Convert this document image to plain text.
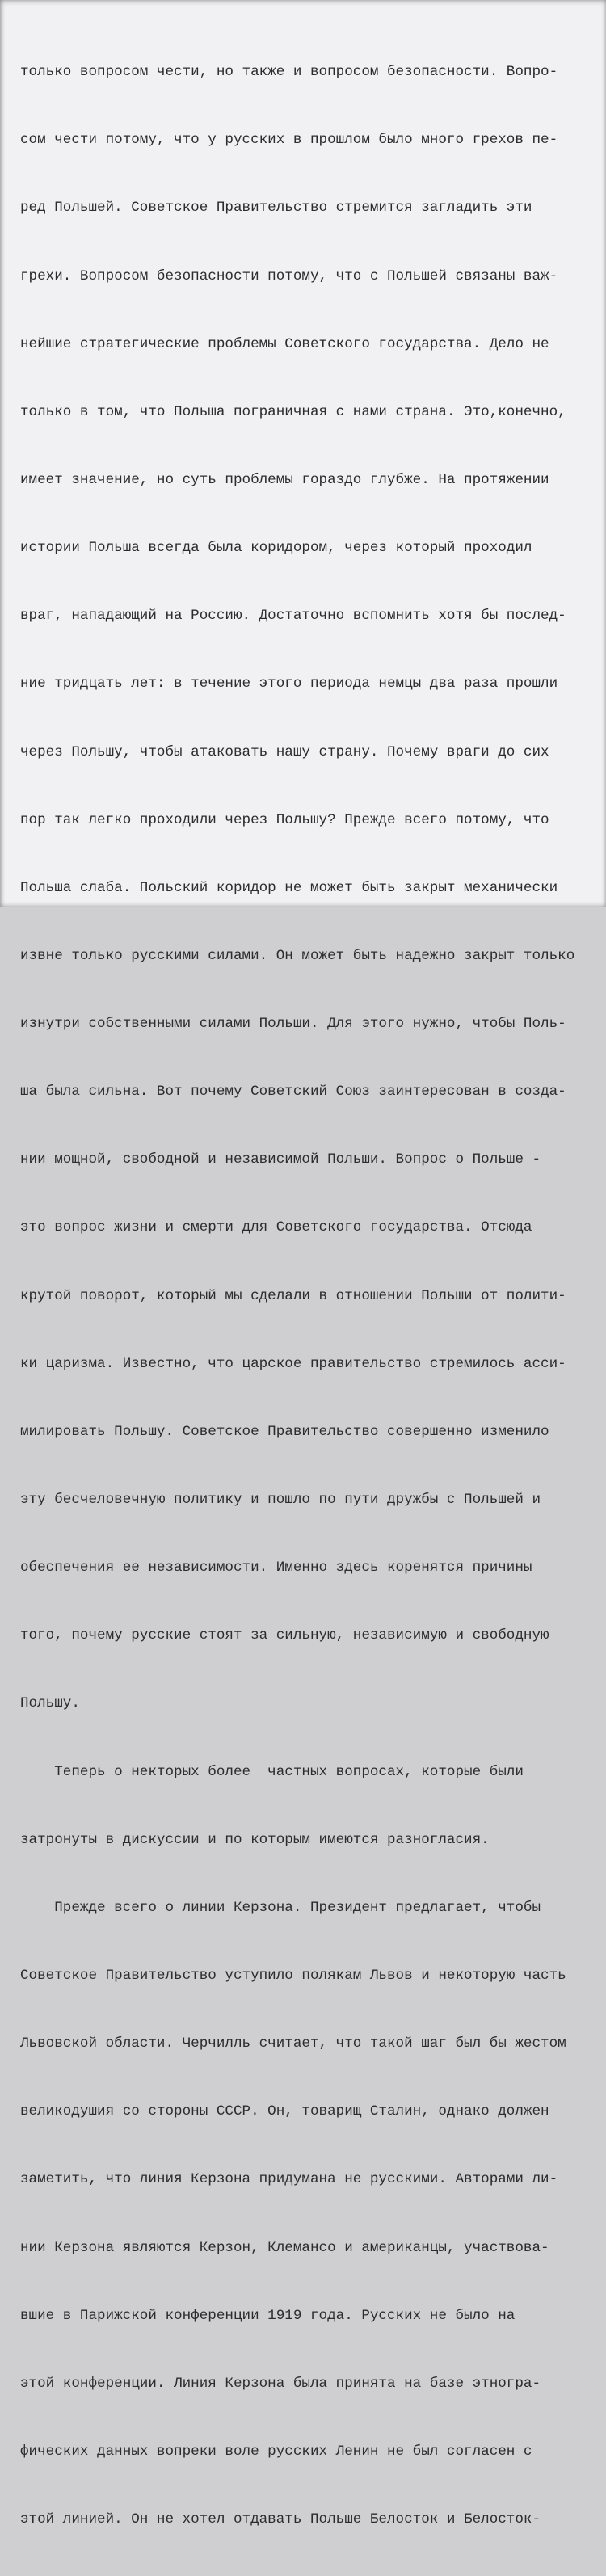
только вопросом чести, но также и вопросом безопасности. Вопро-

сом чести потому, что у русских в прошлом было много грехов пе-

ред Польшей. Советское Правительство стремится загладить эти

грехи. Вопросом безопасности потому, что с Польшей связаны важ-

нейшие стратегические проблемы Советского государства. Дело не

только в том, что Польша пограничная с нами страна. Это,конечно,

имеет значение, но суть проблемы гораздо глубже. На протяжении

истории Польша всегда была коридором, через который проходил

враг, нападающий на Россию. Достаточно вспомнить хотя бы послед-

ние тридцать лет: в течение этого периода немцы два раза прошли

через Польшу, чтобы атаковать нашу страну. Почему враги до сих

пор так легко проходили через Польшу? Прежде всего потому, что

Польша слаба. Польский коридор не может быть закрыт механически

извне только русскими силами. Он может быть надежно закрыт только

изнутри собственными силами Польши. Для этого нужно, чтобы Поль-

ша была сильна. Вот почему Советский Союз заинтересован в созда-

нии мощной, свободной и независимой Польши. Вопрос о Польше -

это вопрос жизни и смерти для Советского государства. Отсюда

крутой поворот, который мы сделали в отношении Польши от полити-

ки царизма. Известно, что царское правительство стремилось асси-

милировать Польшу. Советское Правительство совершенно изменило

эту бесчеловечную политику и пошло по пути дружбы с Польшей и

обеспечения ее независимости. Именно здесь коренятся причины

того, почему русские стоят за сильную, независимую и свободную

Польшу.

Теперь о некторых более  частных вопросах, которые были

затронуты в дискуссии и по которым имеются разногласия.

Прежде всего о линии Керзона. Президент предлагает, чтобы

Советское Правительство уступило полякам Львов и некоторую часть

Львовской области. Черчилль считает, что такой шаг был бы жестом

великодушия со стороны СССР. Он, товарищ Сталин, однако должен

заметить, что линия Керзона придумана не русскими. Авторами ли-

нии Керзона являются Керзон, Клемансо и американцы, участвова-

вшие в Парижской конференции 1919 года. Русских не было на

этой конференции. Линия Керзона была принята на базе этногра-

фических данных вопреки воле русских Ленин не был согласен с

этой линией. Он не хотел отдавать Польше Белосток и Белосток-
